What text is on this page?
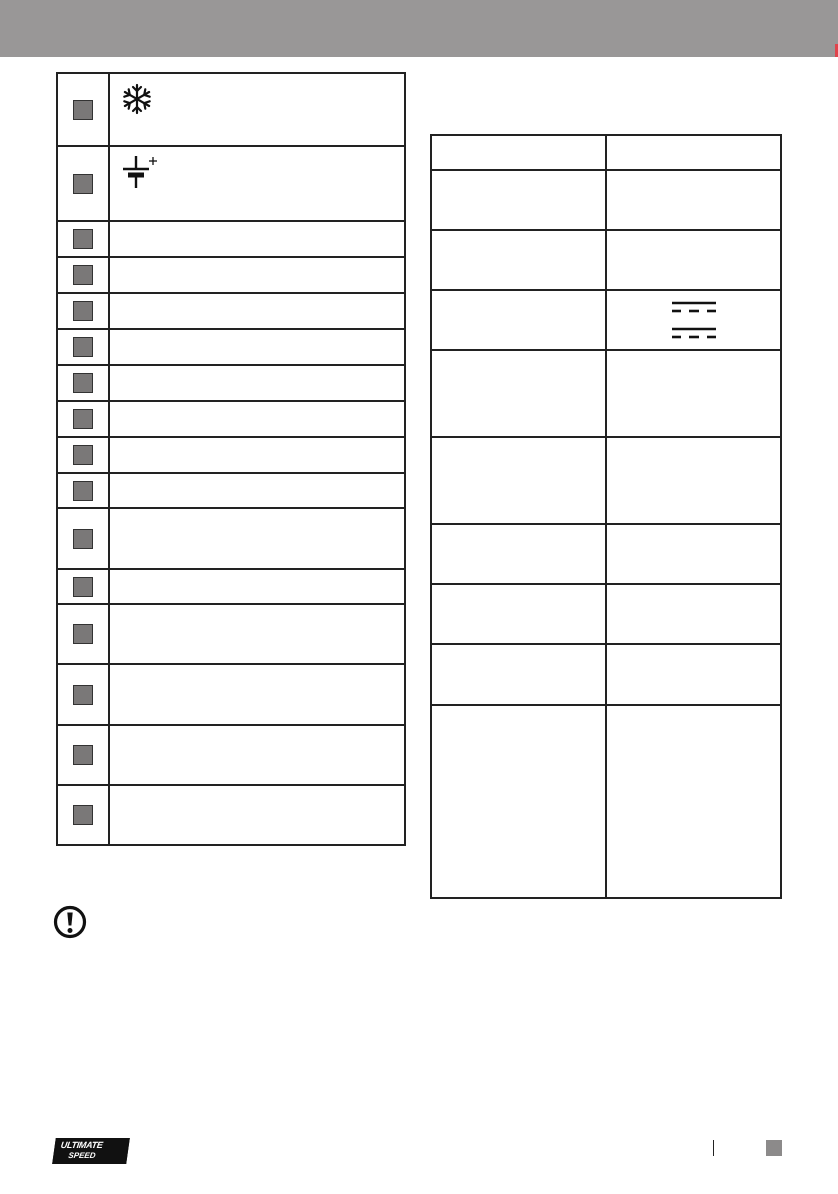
ULTIMATE
SPEED
